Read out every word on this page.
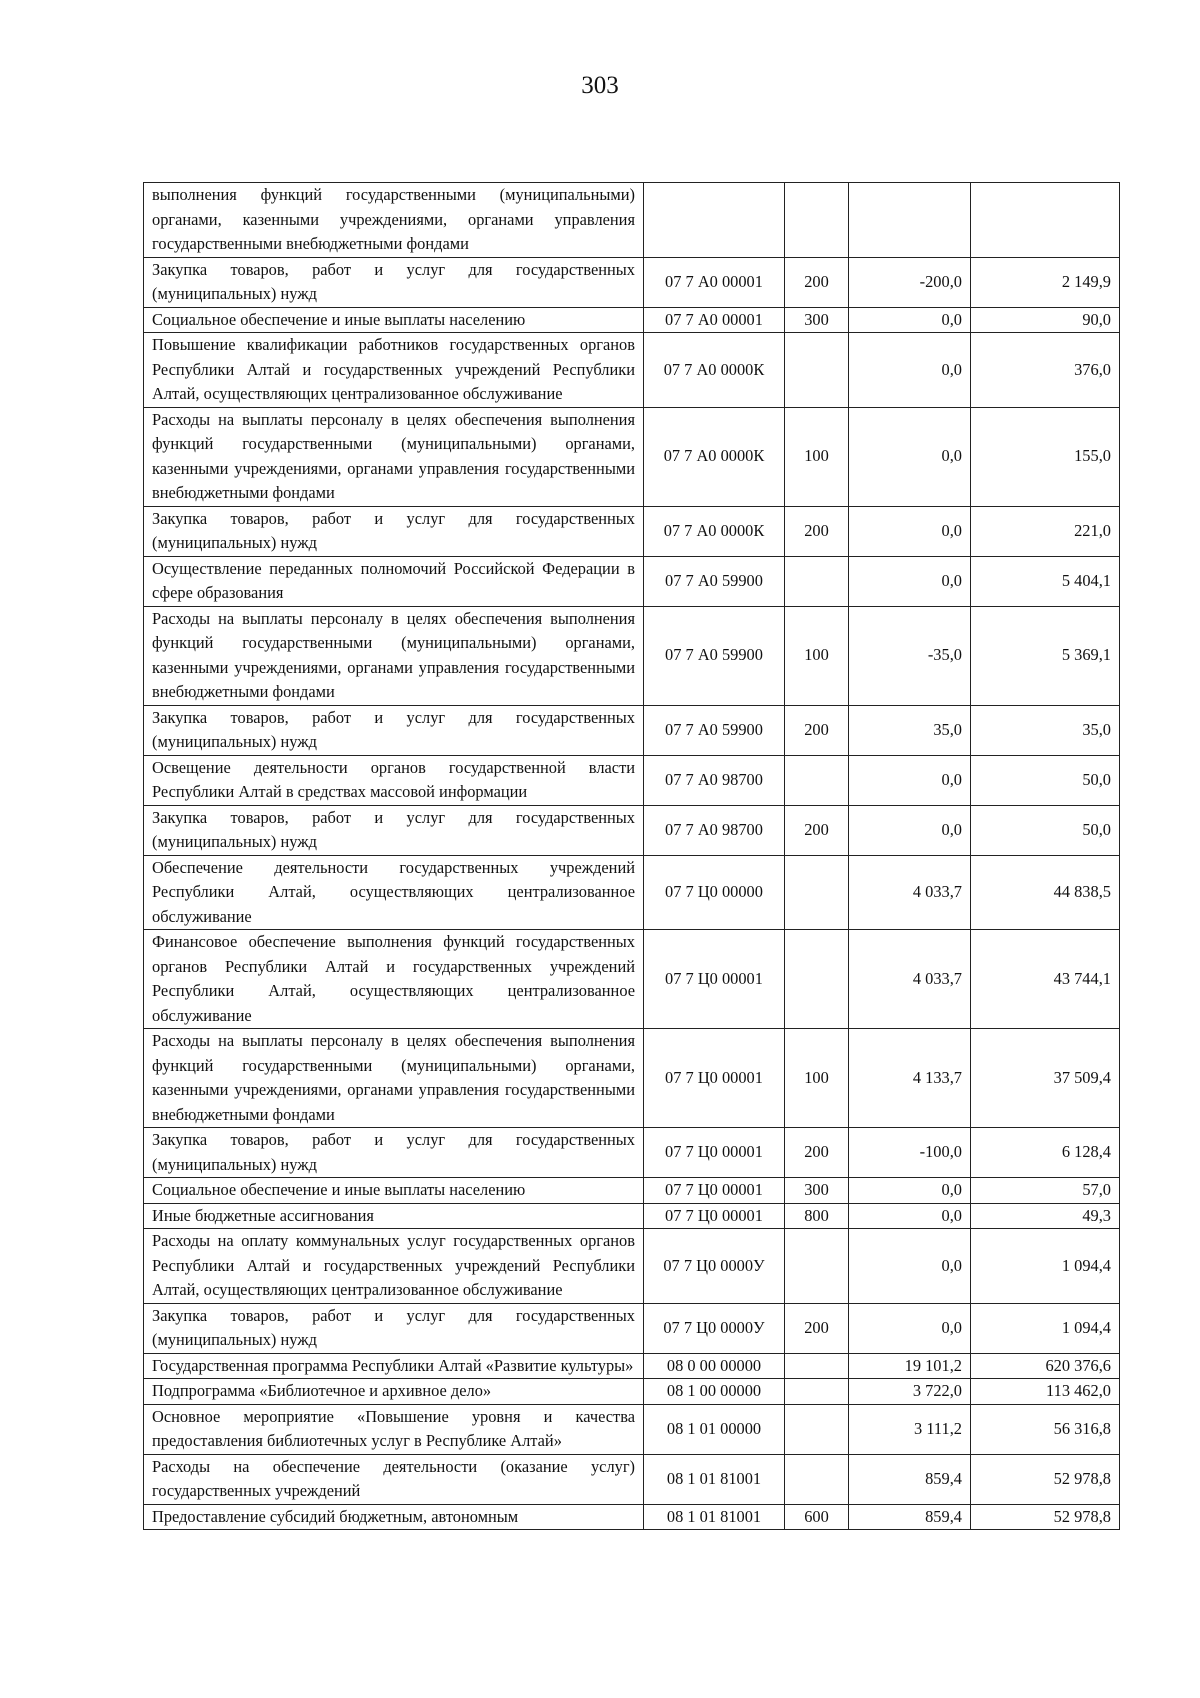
303
выполнения функций государственными (муниципальными) органами, казенными учреждениями, органами управления государственными внебюджетными фондами				
Закупка товаров, работ и услуг для государственных (муниципальных) нужд	07 7 А0 00001	200	-200,0	2 149,9
Социальное обеспечение и иные выплаты населению	07 7 А0 00001	300	0,0	90,0
Повышение квалификации работников государственных органов Республики Алтай и государственных учреждений Республики Алтай, осуществляющих централизованное обслуживание	07 7 А0 0000К		0,0	376,0
Расходы на выплаты персоналу в целях обеспечения выполнения функций государственными (муниципальными) органами, казенными учреждениями, органами управления государственными внебюджетными фондами	07 7 А0 0000К	100	0,0	155,0
Закупка товаров, работ и услуг для государственных (муниципальных) нужд	07 7 А0 0000К	200	0,0	221,0
Осуществление переданных полномочий Российской Федерации в сфере образования	07 7 А0 59900		0,0	5 404,1
Расходы на выплаты персоналу в целях обеспечения выполнения функций государственными (муниципальными) органами, казенными учреждениями, органами управления государственными внебюджетными фондами	07 7 А0 59900	100	-35,0	5 369,1
Закупка товаров, работ и услуг для государственных (муниципальных) нужд	07 7 А0 59900	200	35,0	35,0
Освещение деятельности органов государственной власти Республики Алтай в средствах массовой информации	07 7 А0 98700		0,0	50,0
Закупка товаров, работ и услуг для государственных (муниципальных) нужд	07 7 А0 98700	200	0,0	50,0
Обеспечение деятельности государственных учреждений Республики Алтай, осуществляющих централизованное обслуживание	07 7 Ц0 00000		4 033,7	44 838,5
Финансовое обеспечение выполнения функций государственных органов Республики Алтай и государственных учреждений Республики Алтай, осуществляющих централизованное обслуживание	07 7 Ц0 00001		4 033,7	43 744,1
Расходы на выплаты персоналу в целях обеспечения выполнения функций государственными (муниципальными) органами, казенными учреждениями, органами управления государственными внебюджетными фондами	07 7 Ц0 00001	100	4 133,7	37 509,4
Закупка товаров, работ и услуг для государственных (муниципальных) нужд	07 7 Ц0 00001	200	-100,0	6 128,4
Социальное обеспечение и иные выплаты населению	07 7 Ц0 00001	300	0,0	57,0
Иные бюджетные ассигнования	07 7 Ц0 00001	800	0,0	49,3
Расходы на оплату коммунальных услуг государственных органов Республики Алтай и государственных учреждений Республики Алтай, осуществляющих централизованное обслуживание	07 7 Ц0 0000У		0,0	1 094,4
Закупка товаров, работ и услуг для государственных (муниципальных) нужд	07 7 Ц0 0000У	200	0,0	1 094,4
Государственная программа Республики Алтай «Развитие культуры»	08 0 00 00000		19 101,2	620 376,6
Подпрограмма «Библиотечное и архивное дело»	08 1 00 00000		3 722,0	113 462,0
Основное мероприятие «Повышение уровня и качества предоставления библиотечных услуг в Республике Алтай»	08 1 01 00000		3 111,2	56 316,8
Расходы на обеспечение деятельности (оказание услуг) государственных учреждений	08 1 01 81001		859,4	52 978,8
Предоставление субсидий бюджетным, автономным	08 1 01 81001	600	859,4	52 978,8
